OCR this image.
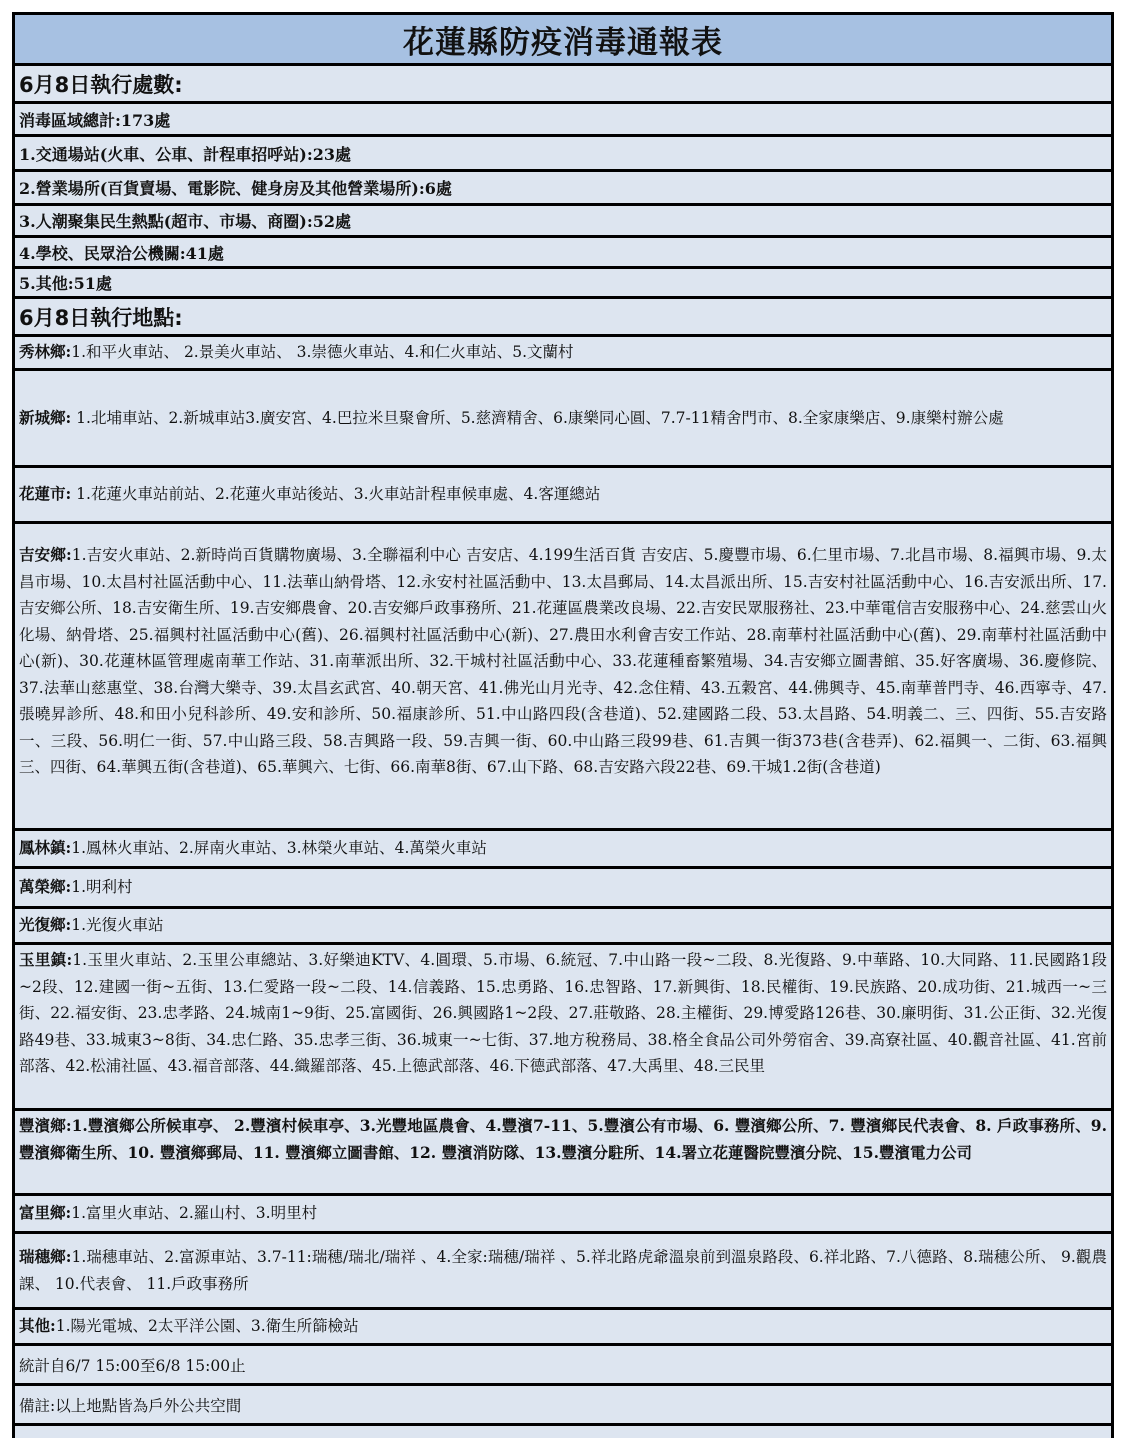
花蓮縣防疫消毒通報表
6月8日執行處數:
消毒區域總計:173處
1.交通場站(火車、公車、計程車招呼站):23處
2.營業場所(百貨賣場、電影院、健身房及其他營業場所):6處
3.人潮聚集民生熱點(超市、市場、商圈):52處
4.學校、民眾洽公機關:41處
5.其他:51處
6月8日執行地點:
秀林鄉:1.和平火車站、 2.景美火車站、 3.崇德火車站、4.和仁火車站、5.文蘭村
新城鄉: 1.北埔車站、2.新城車站3.廣安宮、4.巴拉米旦聚會所、5.慈濟精舍、6.康樂同心圓、7.7-11精舍門市、8.全家康樂店、9.康樂村辦公處
花蓮市: 1.花蓮火車站前站、2.花蓮火車站後站、3.火車站計程車候車處、4.客運總站
吉安鄉:1.吉安火車站、2.新時尚百貨購物廣場、3.全聯福利中心 吉安店、4.199生活百貨 吉安店、5.慶豐市場、6.仁里市場、7.北昌市場、8.福興市場、9.太昌市場、10.太昌村社區活動中心、11.法華山納骨塔、12.永安村社區活動中、13.太昌郵局、14.太昌派出所、15.吉安村社區活動中心、16.吉安派出所、17.吉安鄉公所、18.吉安衛生所、19.吉安鄉農會、20.吉安鄉戶政事務所、21.花蓮區農業改良場、22.吉安民眾服務社、23.中華電信吉安服務中心、24.慈雲山火化場、納骨塔、25.福興村社區活動中心(舊)、26.福興村社區活動中心(新)、27.農田水利會吉安工作站、28.南華村社區活動中心(舊)、29.南華村社區活動中心(新)、30.花蓮林區管理處南華工作站、31.南華派出所、32.干城村社區活動中心、33.花蓮種畜繁殖場、34.吉安鄉立圖書館、35.好客廣場、36.慶修院、37.法華山慈惠堂、38.台灣大樂寺、39.太昌玄武宮、40.朝天宮、41.佛光山月光寺、42.念住精、43.五穀宮、44.佛興寺、45.南華普門寺、46.西寧寺、47.張曉昇診所、48.和田小兒科診所、49.安和診所、50.福康診所、51.中山路四段(含巷道)、52.建國路二段、53.太昌路、54.明義二、三、四街、55.吉安路一、三段、56.明仁一街、57.中山路三段、58.吉興路一段、59.吉興一街、60.中山路三段99巷、61.吉興一街373巷(含巷弄)、62.福興一、二街、63.福興三、四街、64.華興五街(含巷道)、65.華興六、七街、66.南華8街、67.山下路、68.吉安路六段22巷、69.干城1.2街(含巷道)
鳳林鎮:1.鳳林火車站、2.屏南火車站、3.林榮火車站、4.萬榮火車站
萬榮鄉:1.明利村
光復鄉:1.光復火車站
玉里鎮:1.玉里火車站、2.玉里公車總站、3.好樂迪KTV、4.圓環、5.市場、6.統冠、7.中山路一段~二段、8.光復路、9.中華路、10.大同路、11.民國路1段~2段、12.建國一街~五街、13.仁愛路一段~二段、14.信義路、15.忠勇路、16.忠智路、17.新興街、18.民權街、19.民族路、20.成功街、21.城西一~三街、22.福安街、23.忠孝路、24.城南1~9街、25.富國街、26.興國路1~2段、27.莊敬路、28.主權街、29.博愛路126巷、30.廉明街、31.公正街、32.光復路49巷、33.城東3~8街、34.忠仁路、35.忠孝三街、36.城東一~七街、37.地方稅務局、38.格全食品公司外勞宿舍、39.高寮社區、40.觀音社區、41.宮前部落、42.松浦社區、43.福音部落、44.織羅部落、45.上德武部落、46.下德武部落、47.大禹里、48.三民里
豐濱鄉:1.豐濱鄉公所候車亭、 2.豐濱村候車亭、3.光豐地區農會、4.豐濱7-11、5.豐濱公有市場、6. 豐濱鄉公所、7. 豐濱鄉民代表會、8. 戶政事務所、9. 豐濱鄉衛生所、10. 豐濱鄉郵局、11. 豐濱鄉立圖書館、12. 豐濱消防隊、13.豐濱分駐所、14.署立花蓮醫院豐濱分院、15.豐濱電力公司
富里鄉:1.富里火車站、2.羅山村、3.明里村
瑞穗鄉:1.瑞穗車站、2.富源車站、3.7-11:瑞穗/瑞北/瑞祥 、4.全家:瑞穗/瑞祥 、5.祥北路虎爺溫泉前到溫泉路段、6.祥北路、7.八德路、8.瑞穗公所、 9.觀農課、 10.代表會、 11.戶政事務所
其他:1.陽光電城、2太平洋公園、3.衛生所篩檢站
統計自6/7 15:00至6/8 15:00止
備註:以上地點皆為戶外公共空間
